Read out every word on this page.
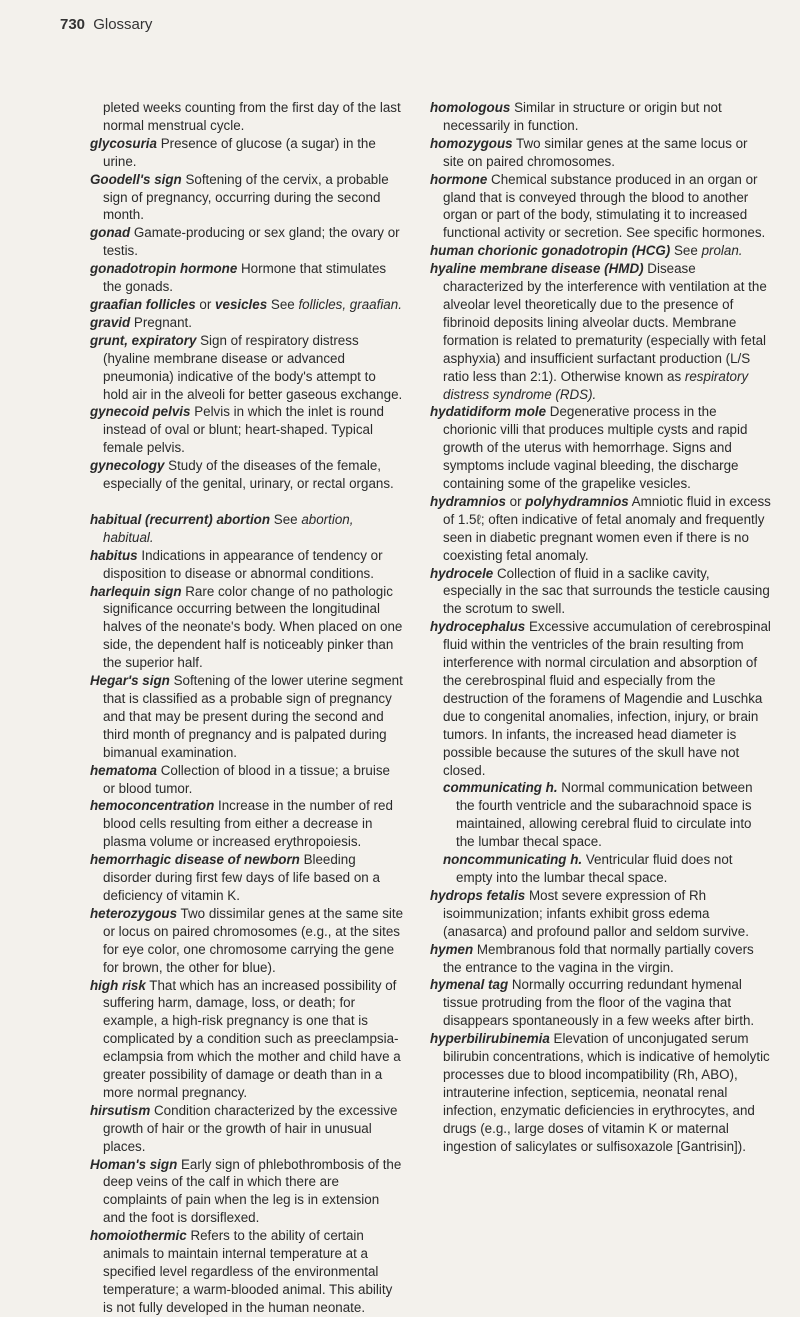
730 Glossary

pleted weeks counting from the first day of the last normal menstrual cycle.

glycosuria Presence of glucose (a sugar) in the urine.

Goodell's sign Softening of the cervix, a probable sign of pregnancy, occurring during the second month.

gonad Gamate-producing or sex gland; the ovary or testis.

gonadotropin hormone Hormone that stimulates the gonads.

graafian follicles or vesicles See follicles, graafian.

gravid Pregnant.

grunt, expiratory Sign of respiratory distress (hyaline membrane disease or advanced pneumonia) indicative of the body's attempt to hold air in the alveoli for better gaseous exchange.

gynecoid pelvis Pelvis in which the inlet is round instead of oval or blunt; heart-shaped. Typical female pelvis.

gynecology Study of the diseases of the female, especially of the genital, urinary, or rectal organs.

habitual (recurrent) abortion See abortion, habitual.

habitus Indications in appearance of tendency or disposition to disease or abnormal conditions.

harlequin sign Rare color change of no pathologic significance occurring between the longitudinal halves of the neonate's body. When placed on one side, the dependent half is noticeably pinker than the superior half.

Hegar's sign Softening of the lower uterine segment that is classified as a probable sign of pregnancy and that may be present during the second and third month of pregnancy and is palpated during bimanual examination.

hematoma Collection of blood in a tissue; a bruise or blood tumor.

hemoconcentration Increase in the number of red blood cells resulting from either a decrease in plasma volume or increased erythropoiesis.

hemorrhagic disease of newborn Bleeding disorder during first few days of life based on a deficiency of vitamin K.

heterozygous Two dissimilar genes at the same site or locus on paired chromosomes (e.g., at the sites for eye color, one chromosome carrying the gene for brown, the other for blue).

high risk That which has an increased possibility of suffering harm, damage, loss, or death; for example, a high-risk pregnancy is one that is complicated by a condition such as preeclampsia-eclampsia from which the mother and child have a greater possibility of damage or death than in a more normal pregnancy.

hirsutism Condition characterized by the excessive growth of hair or the growth of hair in unusual places.

Homan's sign Early sign of phlebothrombosis of the deep veins of the calf in which there are complaints of pain when the leg is in extension and the foot is dorsiflexed.

homoiothermic Refers to the ability of certain animals to maintain internal temperature at a specified level regardless of the environmental temperature; a warm-blooded animal. This ability is not fully developed in the human neonate.

homologous Similar in structure or origin but not necessarily in function.

homozygous Two similar genes at the same locus or site on paired chromosomes.

hormone Chemical substance produced in an organ or gland that is conveyed through the blood to another organ or part of the body, stimulating it to increased functional activity or secretion. See specific hormones.

human chorionic gonadotropin (HCG) See prolan.

hyaline membrane disease (HMD) Disease characterized by the interference with ventilation at the alveolar level theoretically due to the presence of fibrinoid deposits lining alveolar ducts. Membrane formation is related to prematurity (especially with fetal asphyxia) and insufficient surfactant production (L/S ratio less than 2:1). Otherwise known as respiratory distress syndrome (RDS).

hydatidiform mole Degenerative process in the chorionic villi that produces multiple cysts and rapid growth of the uterus with hemorrhage. Signs and symptoms include vaginal bleeding, the discharge containing some of the grapelike vesicles.

hydramnios or polyhydramnios Amniotic fluid in excess of 1.5ℓ; often indicative of fetal anomaly and frequently seen in diabetic pregnant women even if there is no coexisting fetal anomaly.

hydrocele Collection of fluid in a saclike cavity, especially in the sac that surrounds the testicle causing the scrotum to swell.

hydrocephalus Excessive accumulation of cerebrospinal fluid within the ventricles of the brain resulting from interference with normal circulation and absorption of the cerebrospinal fluid and especially from the destruction of the foramens of Magendie and Luschka due to congenital anomalies, infection, injury, or brain tumors. In infants, the increased head diameter is possible because the sutures of the skull have not closed.

communicating h. Normal communication between the fourth ventricle and the subarachnoid space is maintained, allowing cerebral fluid to circulate into the lumbar thecal space.

noncommunicating h. Ventricular fluid does not empty into the lumbar thecal space.

hydrops fetalis Most severe expression of Rh isoimmunization; infants exhibit gross edema (anasarca) and profound pallor and seldom survive.

hymen Membranous fold that normally partially covers the entrance to the vagina in the virgin.

hymenal tag Normally occurring redundant hymenal tissue protruding from the floor of the vagina that disappears spontaneously in a few weeks after birth.

hyperbilirubinemia Elevation of unconjugated serum bilirubin concentrations, which is indicative of hemolytic processes due to blood incompatibility (Rh, ABO), intrauterine infection, septicemia, neonatal renal infection, enzymatic deficiencies in erythrocytes, and drugs (e.g., large doses of vitamin K or maternal ingestion of salicylates or sulfisoxazole [Gantrisin]).
